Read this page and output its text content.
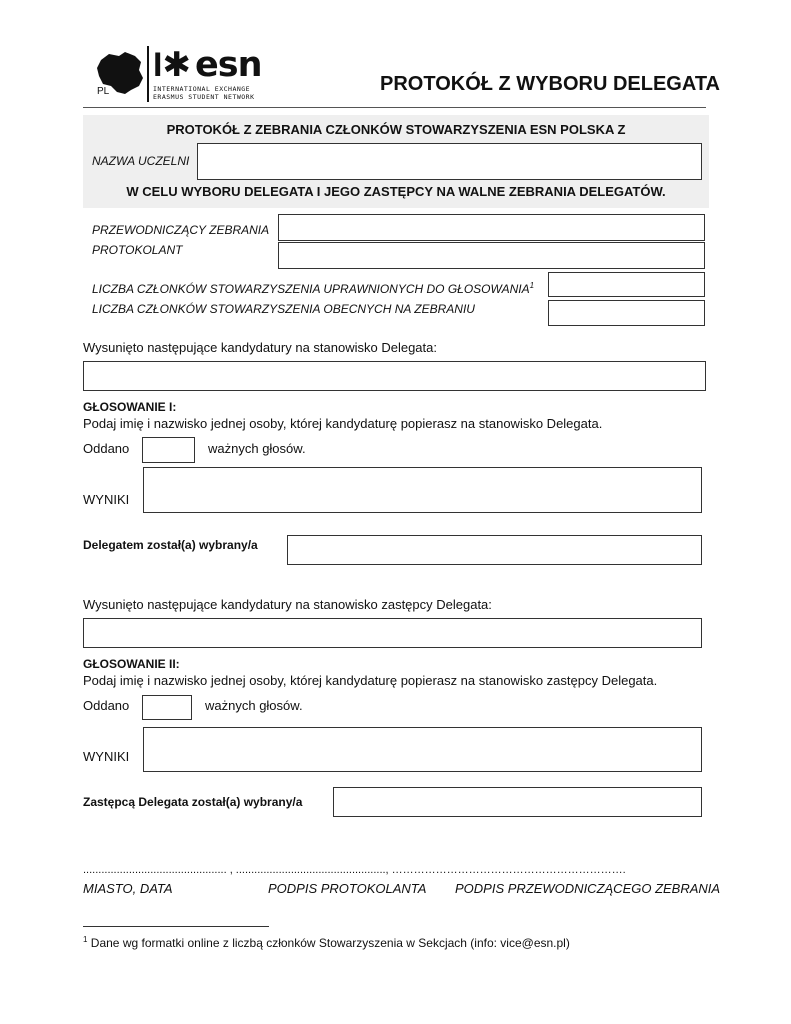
PL
I✱ esn
INTERNATIONAL EXCHANGE
ERASMUS STUDENT NETWORK
PROTOKÓŁ Z WYBORU DELEGATA
PROTOKÓŁ Z ZEBRANIA CZŁONKÓW STOWARZYSZENIA ESN POLSKA Z
NAZWA UCZELNI
W CELU WYBORU DELEGATA I JEGO ZASTĘPCY NA WALNE ZEBRANIA DELEGATÓW.
PRZEWODNICZĄCY ZEBRANIA
PROTOKOLANT
LICZBA CZŁONKÓW STOWARZYSZENIA UPRAWNIONYCH DO GŁOSOWANIA$^1$
LICZBA CZŁONKÓW STOWARZYSZENIA OBECNYCH NA ZEBRANIU
Wysunięto następujące kandydatury na stanowisko Delegata:
GŁOSOWANIE I:
Podaj imię i nazwisko jednej osoby, której kandydaturę popierasz na stanowisko Delegata.
Oddano	ważnych głosów.
WYNIKI
Delegatem został(a) wybrany/a
Wysunięto następujące kandydatury na stanowisko zastępcy Delegata:
GŁOSOWANIE II:
Podaj imię i nazwisko jednej osoby, której kandydaturę popierasz na stanowisko zastępcy Delegata.
Oddano	ważnych głosów.
WYNIKI
Zastępcą Delegata został(a) wybrany/a
............................................... , ................................................., ……………………………………………………….
MIASTO, DATA	PODPIS PROTOKOLANTA PODPIS PRZEWODNICZĄCEGO ZEBRANIA
$^1$ Dane wg formatki online z liczbą członków Stowarzyszenia w Sekcjach (info: vice@esn.pl)
